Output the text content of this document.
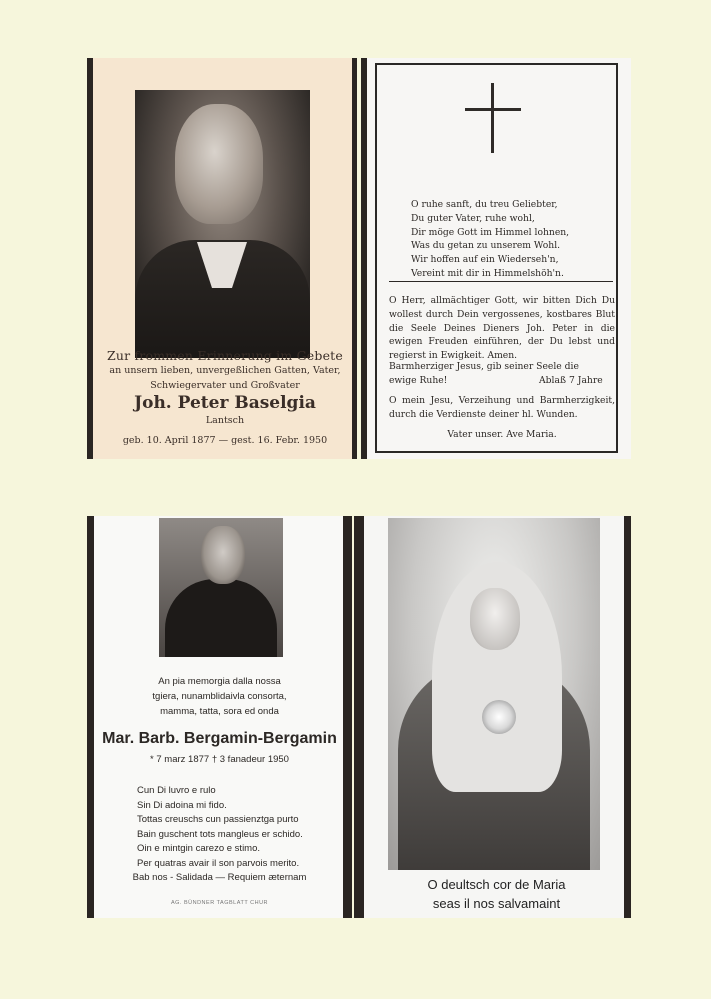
Zur frommen Erinnerung im Gebete
an unsern lieben, unvergeßlichen Gatten, Vater,
Schwiegervater und Großvater
Joh. Peter Baselgia
Lantsch
geb. 10. April 1877 — gest. 16. Febr. 1950
O ruhe sanft, du treu Geliebter,
Du guter Vater, ruhe wohl,
Dir möge Gott im Himmel lohnen,
Was du getan zu unserem Wohl.
Wir hoffen auf ein Wiederseh'n,
Vereint mit dir in Himmelshöh'n.
O Herr, allmächtiger Gott, wir bitten Dich Du wollest durch Dein vergossenes, kostbares Blut die Seele Deines Dieners Joh. Peter in die ewigen Freuden einführen, der Du lebst und regierst in Ewigkeit. Amen.
Barmherziger Jesus, gib seiner Seele die
ewige Ruhe!	Ablaß 7 Jahre
O mein Jesu, Verzeihung und Barmherzigkeit, durch die Verdienste deiner hl. Wunden.
Vater unser. Ave Maria.
An pia memorgia dalla nossa
tgiera, nunamblidaivla consorta,
mamma, tatta, sora ed onda
Mar. Barb. Bergamin-Bergamin
* 7 marz 1877 † 3 fanadeur 1950
Cun Di luvro e rulo
Sin Di adoina mi fido.
Tottas creuschs cun passienztga purto
Bain guschent tots mangleus er schido.
Oin e mintgin carezo e stimo.
Per quatras avair il son parvois merito.
Bab nos - Salidada — Requiem æternam
AG. BÜNDNER TAGBLATT CHUR
O deultsch cor de Maria
seas il nos salvamaint
